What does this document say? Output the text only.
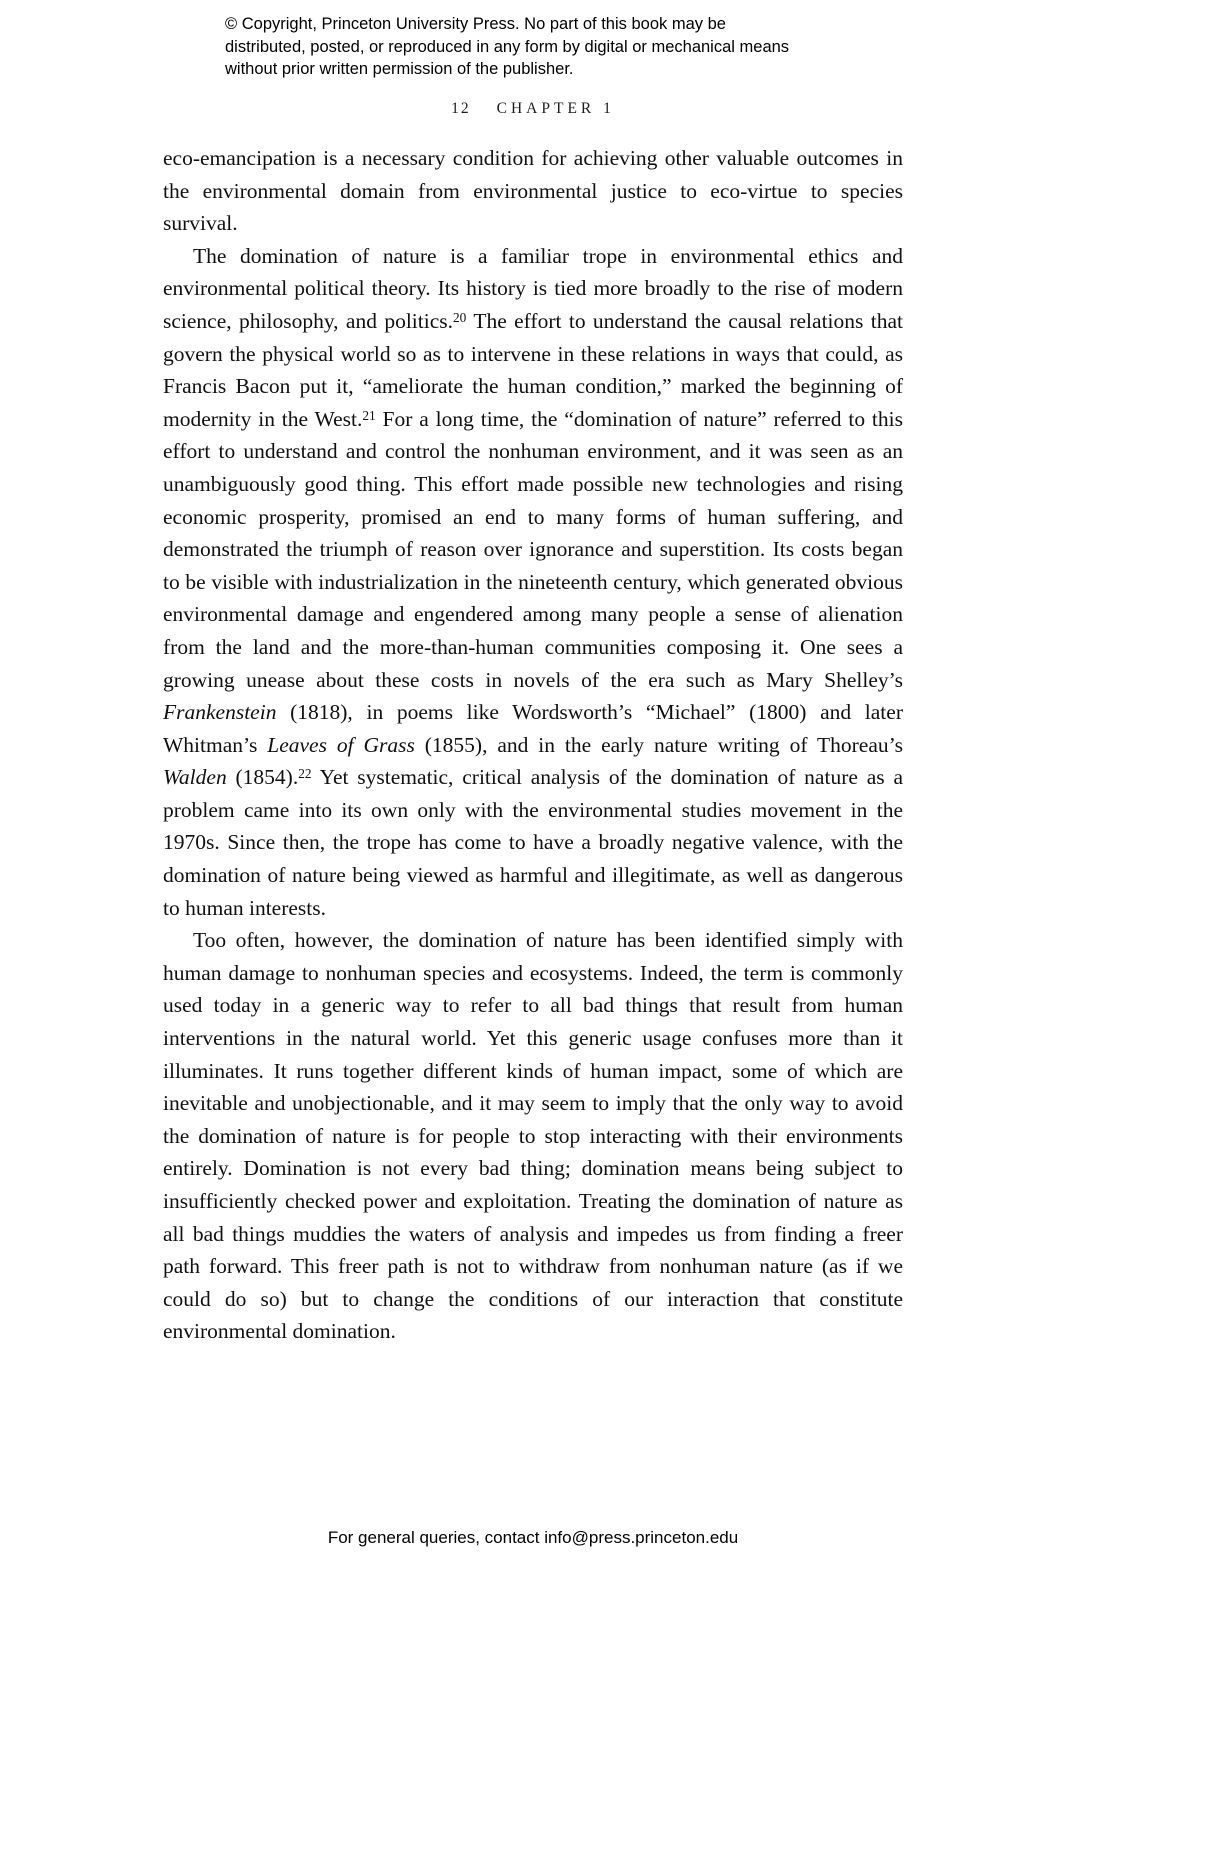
© Copyright, Princeton University Press. No part of this book may be distributed, posted, or reproduced in any form by digital or mechanical means without prior written permission of the publisher.
12 CHAPTER 1

eco-emancipation is a necessary condition for achieving other valuable outcomes in the environmental domain from environmental justice to eco-virtue to species survival.

The domination of nature is a familiar trope in environmental ethics and environmental political theory. Its history is tied more broadly to the rise of modern science, philosophy, and politics.$^{20}$ The effort to understand the causal relations that govern the physical world so as to intervene in these relations in ways that could, as Francis Bacon put it, “ameliorate the human condition,” marked the beginning of modernity in the West.$^{21}$ For a long time, the “domination of nature” referred to this effort to understand and control the nonhuman environment, and it was seen as an unambiguously good thing. This effort made possible new technologies and rising economic prosperity, promised an end to many forms of human suffering, and demonstrated the triumph of reason over ignorance and superstition. Its costs began to be visible with industrialization in the nineteenth century, which generated obvious environmental damage and engendered among many people a sense of alienation from the land and the more-than-human communities composing it. One sees a growing unease about these costs in novels of the era such as Mary Shelley’s Frankenstein (1818), in poems like Wordsworth’s “Michael” (1800) and later Whitman’s Leaves of Grass (1855), and in the early nature writing of Thoreau’s Walden (1854).$^{22}$ Yet systematic, critical analysis of the domination of nature as a problem came into its own only with the environmental studies movement in the 1970s. Since then, the trope has come to have a broadly negative valence, with the domination of nature being viewed as harmful and illegitimate, as well as dangerous to human interests.

Too often, however, the domination of nature has been identified simply with human damage to nonhuman species and ecosystems. Indeed, the term is commonly used today in a generic way to refer to all bad things that result from human interventions in the natural world. Yet this generic usage confuses more than it illuminates. It runs together different kinds of human impact, some of which are inevitable and unobjectionable, and it may seem to imply that the only way to avoid the domination of nature is for people to stop interacting with their environments entirely. Domination is not every bad thing; domination means being subject to insufficiently checked power and exploitation. Treating the domination of nature as all bad things muddies the waters of analysis and impedes us from finding a freer path forward. This freer path is not to withdraw from nonhuman nature (as if we could do so) but to change the conditions of our interaction that constitute environmental domination.

For general queries, contact info@press.princeton.edu
